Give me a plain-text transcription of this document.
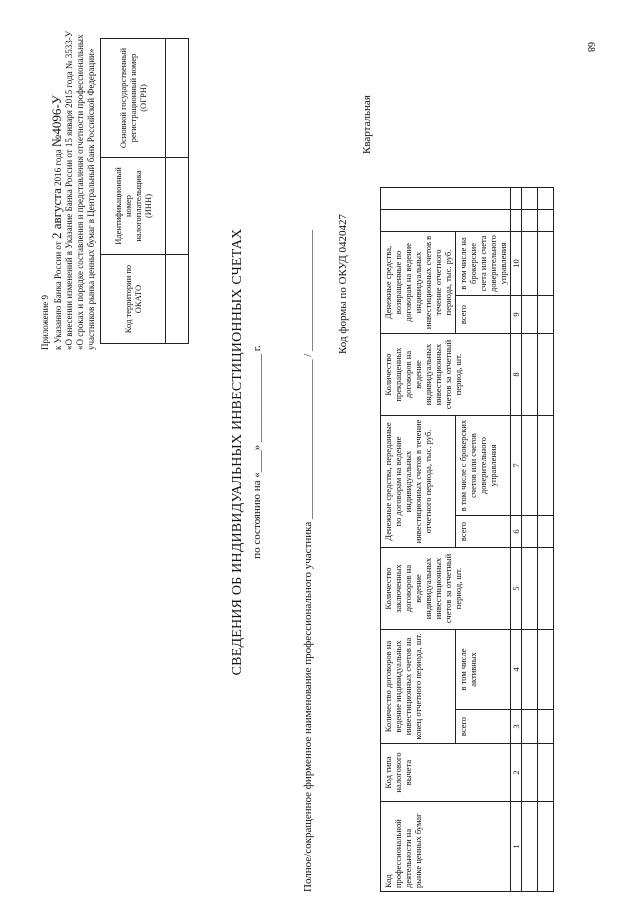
68
Приложение 9 к Указанию Банка России от 2 августа 2016 года №4096-У «О внесении изменений в Указание Банка России от 15 января 2015 года № 3533-У «О сроках и порядке составления и представления отчетности профессиональных участников рынка ценных бумаг в Центральный банк Российской Федерации»	Код территории по ОКАТО	Идентификационный номер налогоплательщика (ИНН)	Основной государственный регистрационный номер (ОГРН)

СВЕДЕНИЯ ОБ ИНДИВИДУАЛЬНЫХ ИНВЕСТИЦИОННЫХ СЧЕТАХ по состоянию на «____» ________________ г.	Полное/сокращенное фирменное наименование профессионального участника _____________________________ / ______________________ Код формы по ОКУД 0420427
Квартальная
Код профессиональной деятельности на рынке ценных бумаг	Код типа налогового вычета	Количество договоров на ведение индивидуальных инвестиционных счетов на конец отчетного периода, шт.		Количество заключенных договоров на ведение индивидуальных инвестиционных счетов за отчетный период, шт.	Денежные средства, переданные по договорам на ведение индивидуальных инвестиционных счетов в течение отчетного периода, тыс. руб.		Количество прекращенных договоров на ведение индивидуальных инвестиционных счетов за отчетный период, шт.	Денежные средства, возвращенные по договорам на ведение индивидуальных инвестиционных счетов в течение отчетного периода, тыс. руб.			
		всего	в том числе активных		всего	в том числе с брокерских счетов или счетов доверительного управления		всего	в том числе на брокерские счета или счета доверительного управления		
1	2	3	4	5	6	7	8	9	10		
